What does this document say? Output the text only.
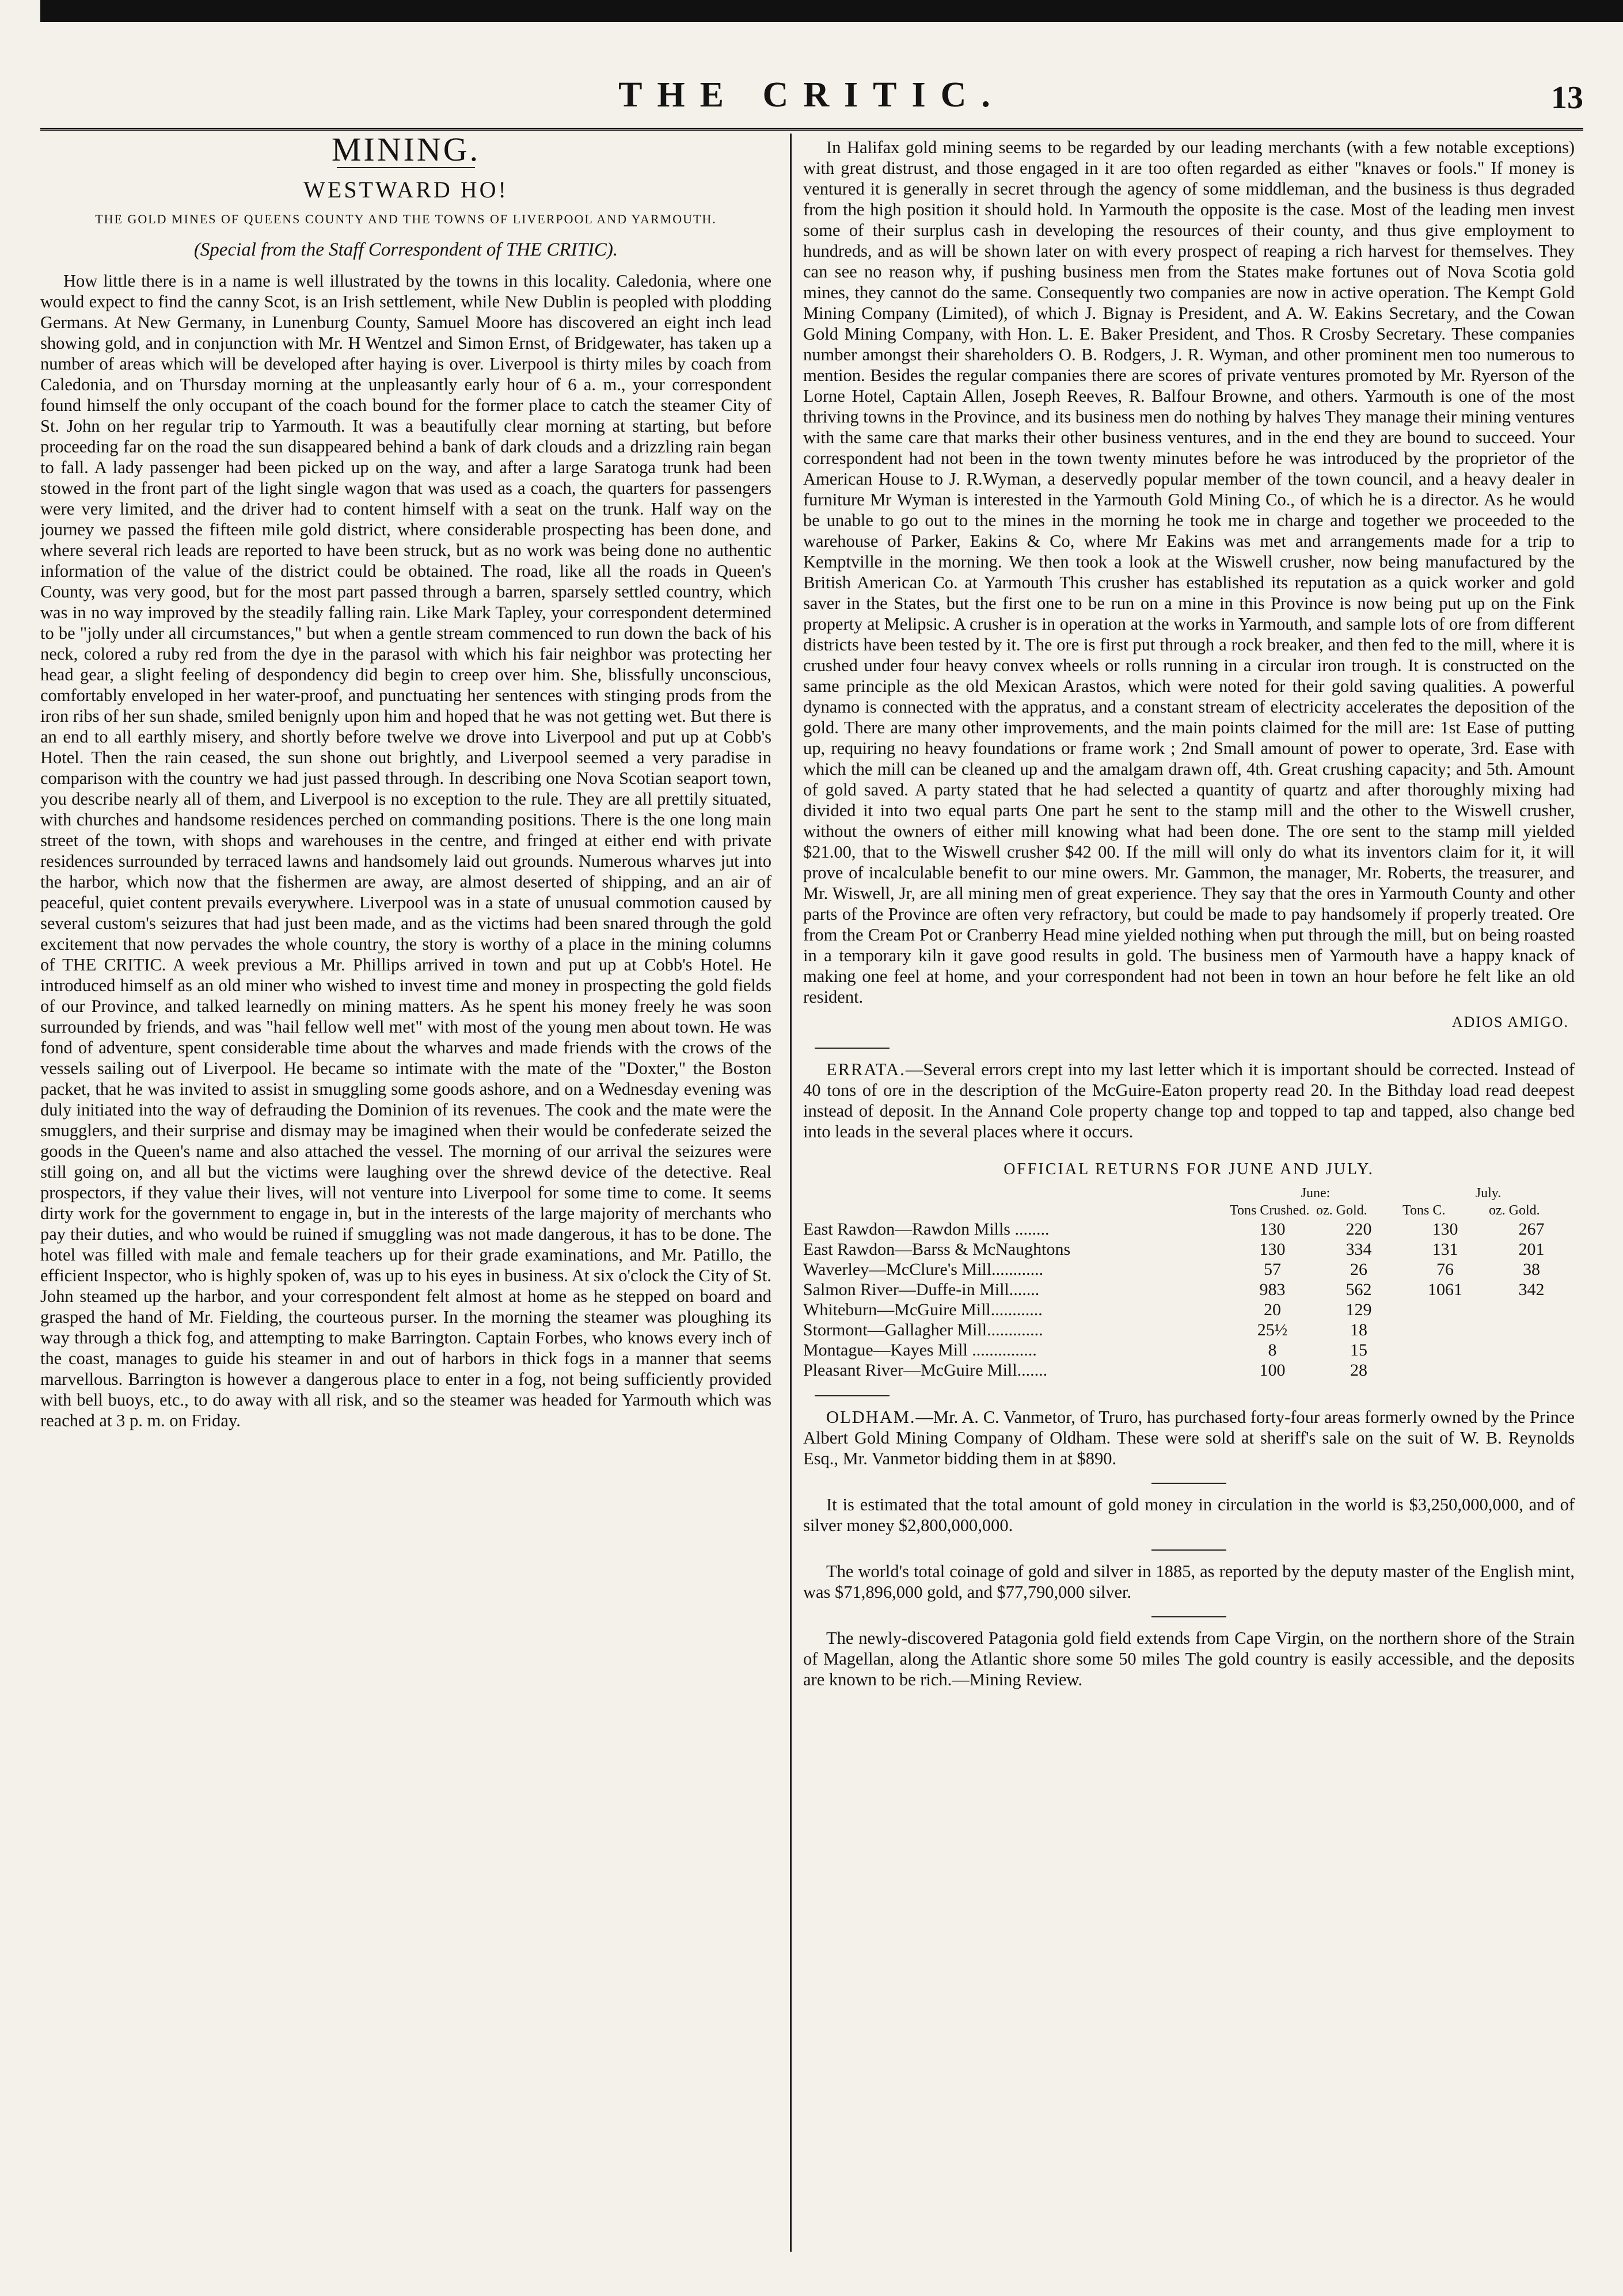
THE CRITIC.	13
MINING.
WESTWARD HO!
THE GOLD MINES OF QUEENS COUNTY AND THE TOWNS OF LIVERPOOL AND YARMOUTH.
(Special from the Staff Correspondent of THE CRITIC).

How little there is in a name is well illustrated by the towns in this locality. Caledonia, where one would expect to find the canny Scot, is an Irish settlement, while New Dublin is peopled with plodding Germans. At New Germany, in Lunenburg County, Samuel Moore has discovered an eight inch lead showing gold, and in conjunction with Mr. H Wentzel and Simon Ernst, of Bridgewater, has taken up a number of areas which will be developed after haying is over. Liverpool is thirty miles by coach from Caledonia, and on Thursday morning at the unpleasantly early hour of 6 a. m., your correspondent found himself the only occupant of the coach bound for the former place to catch the steamer City of St. John on her regular trip to Yarmouth. It was a beautifully clear morning at starting, but before proceeding far on the road the sun disappeared behind a bank of dark clouds and a drizzling rain began to fall. A lady passenger had been picked up on the way, and after a large Saratoga trunk had been stowed in the front part of the light single wagon that was used as a coach, the quarters for passengers were very limited, and the driver had to content himself with a seat on the trunk. Half way on the journey we passed the fifteen mile gold district, where considerable prospecting has been done, and where several rich leads are reported to have been struck, but as no work was being done no authentic information of the value of the district could be obtained. The road, like all the roads in Queen's County, was very good, but for the most part passed through a barren, sparsely settled country, which was in no way improved by the steadily falling rain. Like Mark Tapley, your correspondent determined to be "jolly under all circumstances," but when a gentle stream commenced to run down the back of his neck, colored a ruby red from the dye in the parasol with which his fair neighbor was protecting her head gear, a slight feeling of despondency did begin to creep over him. She, blissfully unconscious, comfortably enveloped in her water-proof, and punctuating her sentences with stinging prods from the iron ribs of her sun shade, smiled benignly upon him and hoped that he was not getting wet. But there is an end to all earthly misery, and shortly before twelve we drove into Liverpool and put up at Cobb's Hotel. Then the rain ceased, the sun shone out brightly, and Liverpool seemed a very paradise in comparison with the country we had just passed through. In describing one Nova Scotian seaport town, you describe nearly all of them, and Liverpool is no exception to the rule. They are all prettily situated, with churches and handsome residences perched on commanding positions. There is the one long main street of the town, with shops and warehouses in the centre, and fringed at either end with private residences surrounded by terraced lawns and handsomely laid out grounds. Numerous wharves jut into the harbor, which now that the fishermen are away, are almost deserted of shipping, and an air of peaceful, quiet content prevails everywhere. Liverpool was in a state of unusual commotion caused by several custom's seizures that had just been made, and as the victims had been snared through the gold excitement that now pervades the whole country, the story is worthy of a place in the mining columns of THE CRITIC. A week previous a Mr. Phillips arrived in town and put up at Cobb's Hotel. He introduced himself as an old miner who wished to invest time and money in prospecting the gold fields of our Province, and talked learnedly on mining matters. As he spent his money freely he was soon surrounded by friends, and was "hail fellow well met" with most of the young men about town. He was fond of adventure, spent considerable time about the wharves and made friends with the crows of the vessels sailing out of Liverpool. He became so intimate with the mate of the "Doxter," the Boston packet, that he was invited to assist in smuggling some goods ashore, and on a Wednesday evening was duly initiated into the way of defrauding the Dominion of its revenues. The cook and the mate were the smugglers, and their surprise and dismay may be imagined when their would be confederate seized the goods in the Queen's name and also attached the vessel. The morning of our arrival the seizures were still going on, and all but the victims were laughing over the shrewd device of the detective. Real prospectors, if they value their lives, will not venture into Liverpool for some time to come. It seems dirty work for the government to engage in, but in the interests of the large majority of merchants who pay their duties, and who would be ruined if smuggling was not made dangerous, it has to be done. The hotel was filled with male and female teachers up for their grade examinations, and Mr. Patillo, the efficient Inspector, who is highly spoken of, was up to his eyes in business. At six o'clock the City of St. John steamed up the harbor, and your correspondent felt almost at home as he stepped on board and grasped the hand of Mr. Fielding, the courteous purser. In the morning the steamer was ploughing its way through a thick fog, and attempting to make Barrington. Captain Forbes, who knows every inch of the coast, manages to guide his steamer in and out of harbors in thick fogs in a manner that seems marvellous. Barrington is however a dangerous place to enter in a fog, not being sufficiently provided with bell buoys, etc., to do away with all risk, and so the steamer was headed for Yarmouth which was reached at 3 p. m. on Friday.

In Halifax gold mining seems to be regarded by our leading merchants (with a few notable exceptions) with great distrust, and those engaged in it are too often regarded as either "knaves or fools." If money is ventured it is generally in secret through the agency of some middleman, and the business is thus degraded from the high position it should hold. In Yarmouth the opposite is the case. Most of the leading men invest some of their surplus cash in developing the resources of their county, and thus give employment to hundreds, and as will be shown later on with every prospect of reaping a rich harvest for themselves. They can see no reason why, if pushing business men from the States make fortunes out of Nova Scotia gold mines, they cannot do the same. Consequently two companies are now in active operation. The Kempt Gold Mining Company (Limited), of which J. Bignay is President, and A. W. Eakins Secretary, and the Cowan Gold Mining Company, with Hon. L. E. Baker President, and Thos. R Crosby Secretary. These companies number amongst their shareholders O. B. Rodgers, J. R. Wyman, and other prominent men too numerous to mention. Besides the regular companies there are scores of private ventures promoted by Mr. Ryerson of the Lorne Hotel, Captain Allen, Joseph Reeves, R. Balfour Browne, and others. Yarmouth is one of the most thriving towns in the Province, and its business men do nothing by halves They manage their mining ventures with the same care that marks their other business ventures, and in the end they are bound to succeed. Your correspondent had not been in the town twenty minutes before he was introduced by the proprietor of the American House to J. R.Wyman, a deservedly popular member of the town council, and a heavy dealer in furniture Mr Wyman is interested in the Yarmouth Gold Mining Co., of which he is a director. As he would be unable to go out to the mines in the morning he took me in charge and together we proceeded to the warehouse of Parker, Eakins & Co, where Mr Eakins was met and arrangements made for a trip to Kemptville in the morning. We then took a look at the Wiswell crusher, now being manufactured by the British American Co. at Yarmouth This crusher has established its reputation as a quick worker and gold saver in the States, but the first one to be run on a mine in this Province is now being put up on the Fink property at Melipsic. A crusher is in operation at the works in Yarmouth, and sample lots of ore from different districts have been tested by it. The ore is first put through a rock breaker, and then fed to the mill, where it is crushed under four heavy convex wheels or rolls running in a circular iron trough. It is constructed on the same principle as the old Mexican Arastos, which were noted for their gold saving qualities. A powerful dynamo is connected with the appratus, and a constant stream of electricity accelerates the deposition of the gold. There are many other improvements, and the main points claimed for the mill are: 1st Ease of putting up, requiring no heavy foundations or frame work ; 2nd Small amount of power to operate, 3rd. Ease with which the mill can be cleaned up and the amalgam drawn off, 4th. Great crushing capacity; and 5th. Amount of gold saved. A party stated that he had selected a quantity of quartz and after thoroughly mixing had divided it into two equal parts One part he sent to the stamp mill and the other to the Wiswell crusher, without the owners of either mill knowing what had been done. The ore sent to the stamp mill yielded $21.00, that to the Wiswell crusher $42 00. If the mill will only do what its inventors claim for it, it will prove of incalculable benefit to our mine owers. Mr. Gammon, the manager, Mr. Roberts, the treasurer, and Mr. Wiswell, Jr, are all mining men of great experience. They say that the ores in Yarmouth County and other parts of the Province are often very refractory, but could be made to pay handsomely if properly treated. Ore from the Cream Pot or Cranberry Head mine yielded nothing when put through the mill, but on being roasted in a temporary kiln it gave good results in gold. The business men of Yarmouth have a happy knack of making one feel at home, and your correspondent had not been in town an hour before he felt like an old resident.

ADIOS AMIGO.

ERRATA.—Several errors crept into my last letter which it is important should be corrected. Instead of 40 tons of ore in the description of the McGuire-Eaton property read 20. In the Bithday load read deepest instead of deposit. In the Annand Cole property change top and topped to tap and tapped, also change bed into leads in the several places where it occurs.

OFFICIAL RETURNS FOR JUNE AND JULY.
	June:		July.	
	Tons Crushed.	oz. Gold.	Tons C.	oz. Gold.
East Rawdon—Rawdon Mills ........	130	220	130	267
East Rawdon—Barss & McNaughtons	130	334	131	201
Waverley—McClure's Mill............	57	26	76	38
Salmon River—Duffe-in Mill.......	983	562	1061	342
Whiteburn—McGuire Mill............	20	129		
Stormont—Gallagher Mill.............	25½	18		
Montague—Kayes Mill ...............	8	15		
Pleasant River—McGuire Mill.......	100	28		

OLDHAM.—Mr. A. C. Vanmetor, of Truro, has purchased forty-four areas formerly owned by the Prince Albert Gold Mining Company of Oldham. These were sold at sheriff's sale on the suit of W. B. Reynolds Esq., Mr. Vanmetor bidding them in at $890.

It is estimated that the total amount of gold money in circulation in the world is $3,250,000,000, and of silver money $2,800,000,000.

The world's total coinage of gold and silver in 1885, as reported by the deputy master of the English mint, was $71,896,000 gold, and $77,790,000 silver.

The newly-discovered Patagonia gold field extends from Cape Virgin, on the northern shore of the Strain of Magellan, along the Atlantic shore some 50 miles The gold country is easily accessible, and the deposits are known to be rich.—Mining Review.
